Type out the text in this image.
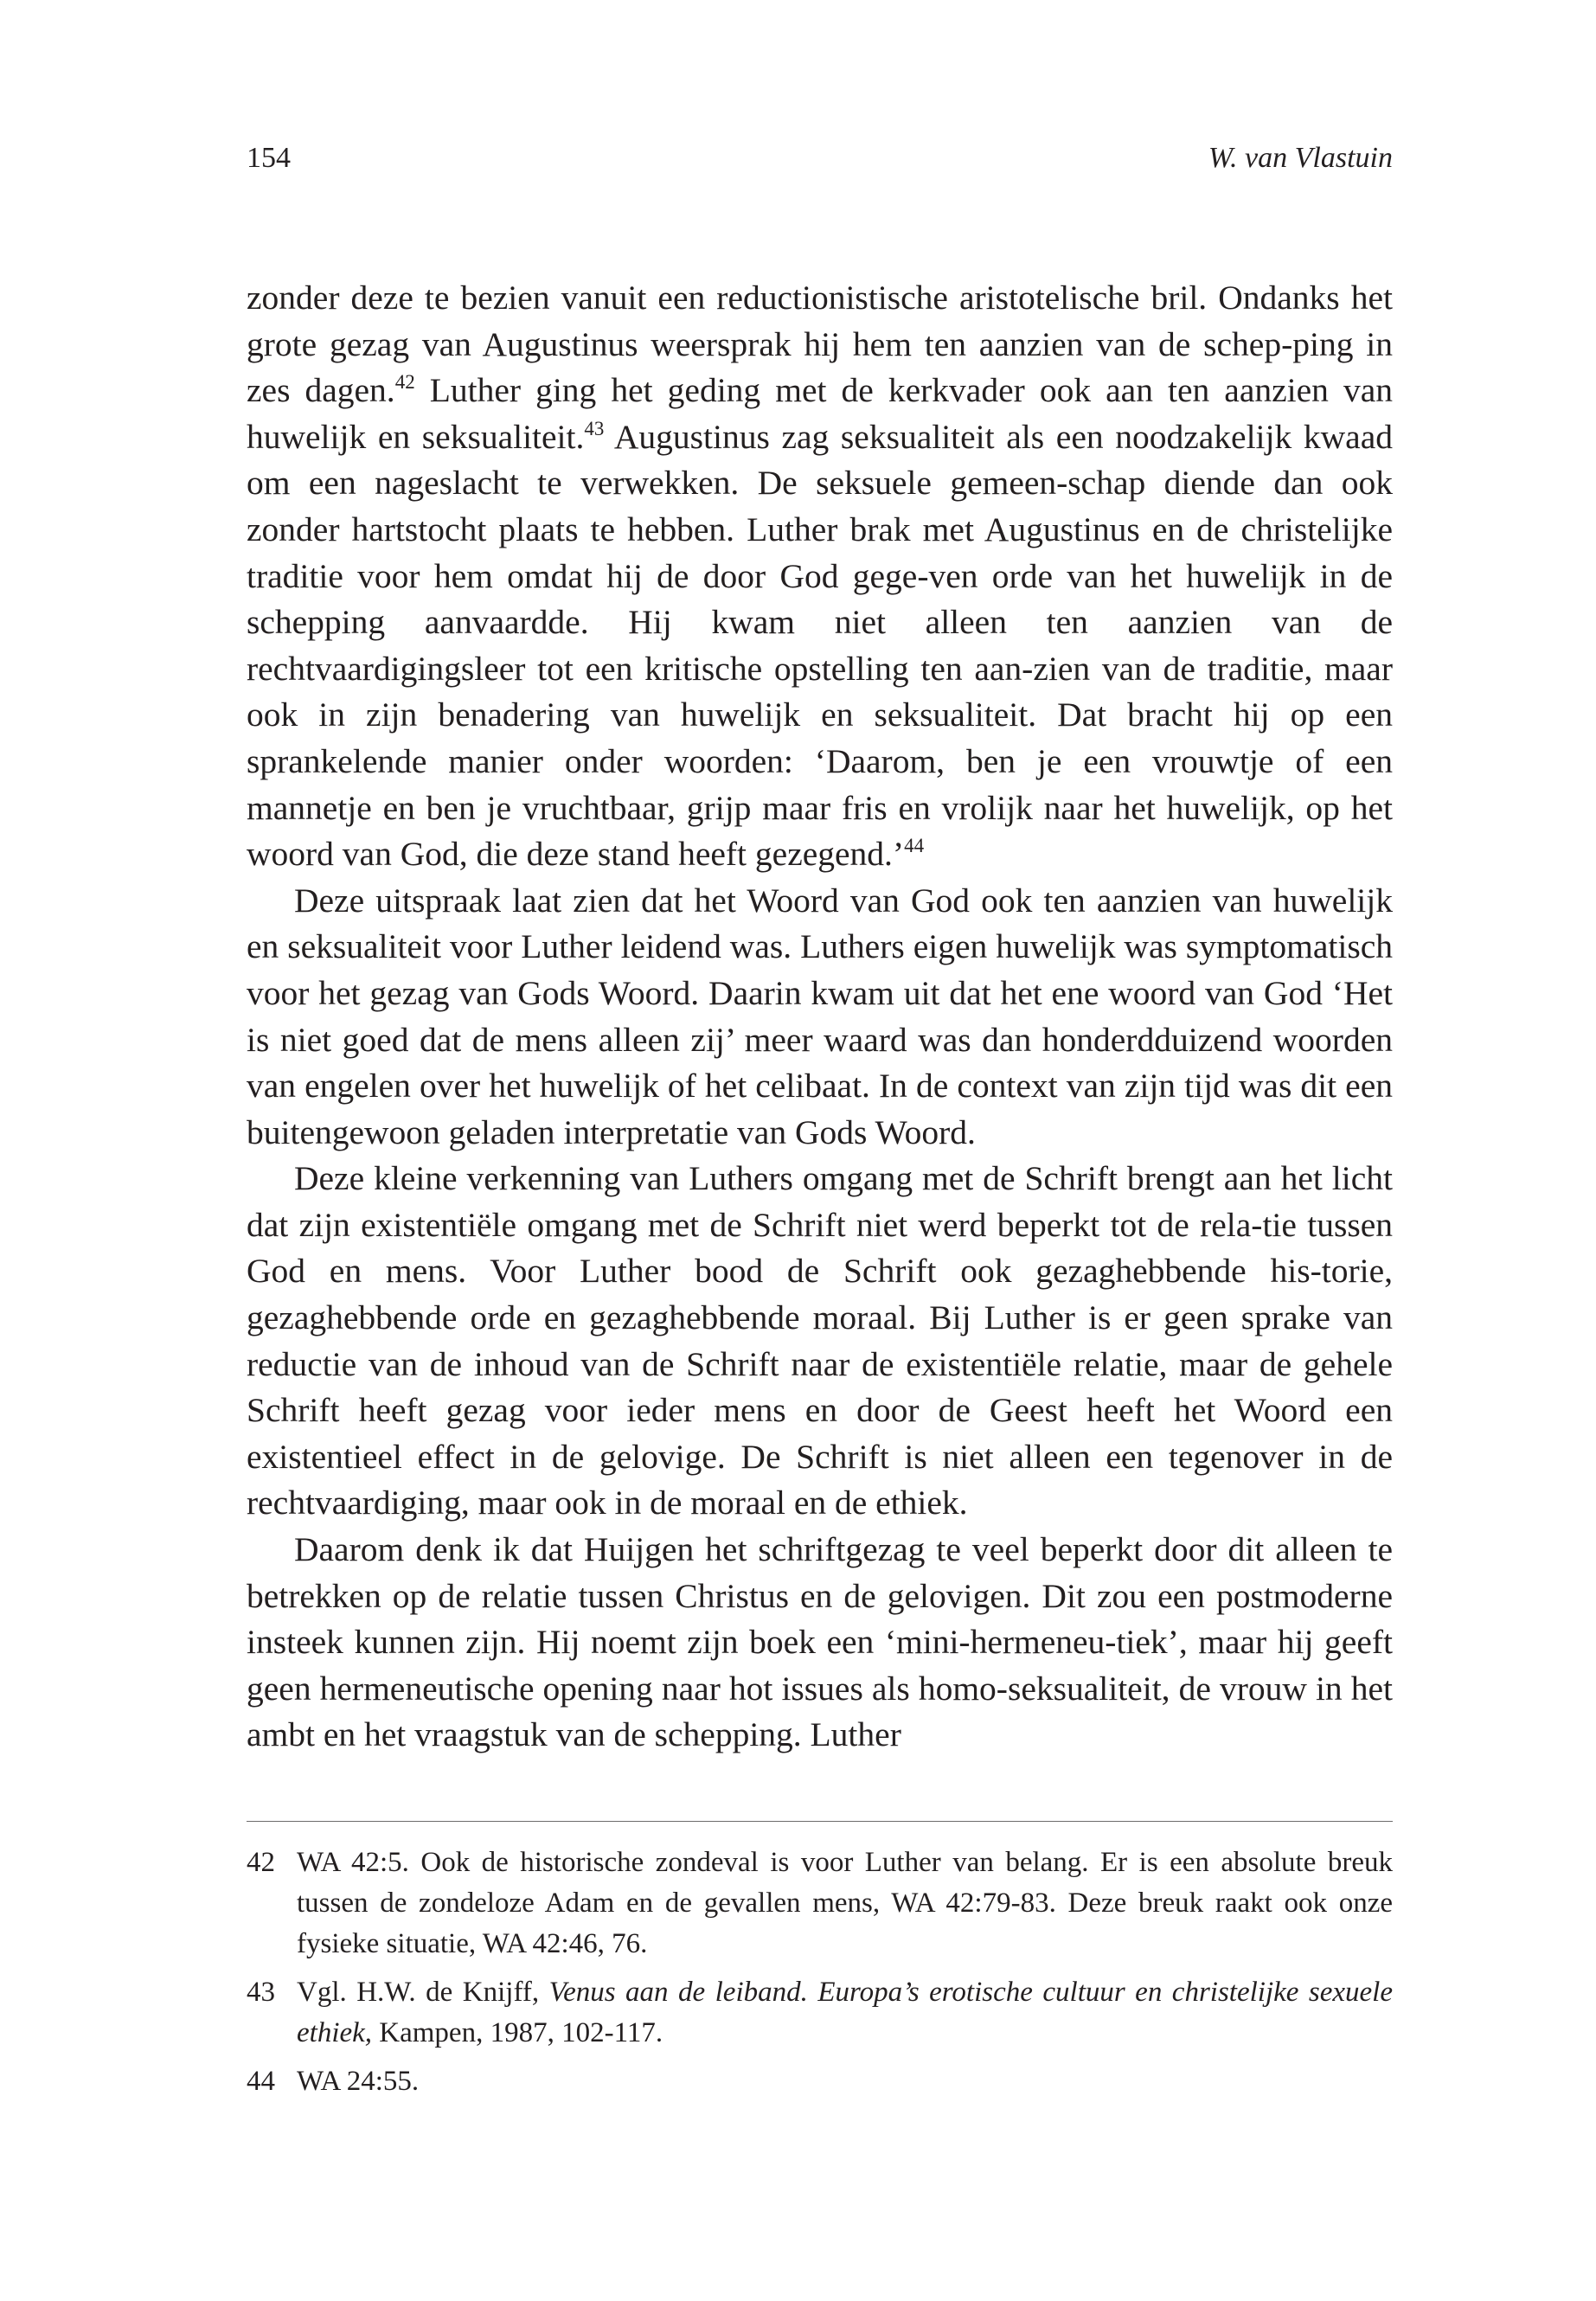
154	W. van Vlastuin

zonder deze te bezien vanuit een reductionistische aristotelische bril. Ondanks het grote gezag van Augustinus weersprak hij hem ten aanzien van de schep-ping in zes dagen.$^{42}$ Luther ging het geding met de kerkvader ook aan ten aanzien van huwelijk en seksualiteit.$^{43}$ Augustinus zag seksualiteit als een noodzakelijk kwaad om een nageslacht te verwekken. De seksuele gemeen-schap diende dan ook zonder hartstocht plaats te hebben. Luther brak met Augustinus en de christelijke traditie voor hem omdat hij de door God gege-ven orde van het huwelijk in de schepping aanvaardde. Hij kwam niet alleen ten aanzien van de rechtvaardigingsleer tot een kritische opstelling ten aan-zien van de traditie, maar ook in zijn benadering van huwelijk en seksualiteit. Dat bracht hij op een sprankelende manier onder woorden: ‘Daarom, ben je een vrouwtje of een mannetje en ben je vruchtbaar, grijp maar fris en vrolijk naar het huwelijk, op het woord van God, die deze stand heeft gezegend.’$^{44}$

Deze uitspraak laat zien dat het Woord van God ook ten aanzien van huwelijk en seksualiteit voor Luther leidend was. Luthers eigen huwelijk was symptomatisch voor het gezag van Gods Woord. Daarin kwam uit dat het ene woord van God ‘Het is niet goed dat de mens alleen zij’ meer waard was dan honderdduizend woorden van engelen over het huwelijk of het celibaat. In de context van zijn tijd was dit een buitengewoon geladen interpretatie van Gods Woord.

Deze kleine verkenning van Luthers omgang met de Schrift brengt aan het licht dat zijn existentiële omgang met de Schrift niet werd beperkt tot de rela-tie tussen God en mens. Voor Luther bood de Schrift ook gezaghebbende his-torie, gezaghebbende orde en gezaghebbende moraal. Bij Luther is er geen sprake van reductie van de inhoud van de Schrift naar de existentiële relatie, maar de gehele Schrift heeft gezag voor ieder mens en door de Geest heeft het Woord een existentieel effect in de gelovige. De Schrift is niet alleen een tegenover in de rechtvaardiging, maar ook in de moraal en de ethiek.

Daarom denk ik dat Huijgen het schriftgezag te veel beperkt door dit alleen te betrekken op de relatie tussen Christus en de gelovigen. Dit zou een postmoderne insteek kunnen zijn. Hij noemt zijn boek een ‘mini-hermeneu-tiek’, maar hij geeft geen hermeneutische opening naar hot issues als homo-seksualiteit, de vrouw in het ambt en het vraagstuk van de schepping. Luther

42 WA 42:5. Ook de historische zondeval is voor Luther van belang. Er is een absolute breuk tussen de zondeloze Adam en de gevallen mens, WA 42:79-83. Deze breuk raakt ook onze fysieke situatie, WA 42:46, 76.
43 Vgl. H.W. de Knijff, Venus aan de leiband. Europa’s erotische cultuur en christelijke sexuele ethiek, Kampen, 1987, 102-117.
44 WA 24:55.
